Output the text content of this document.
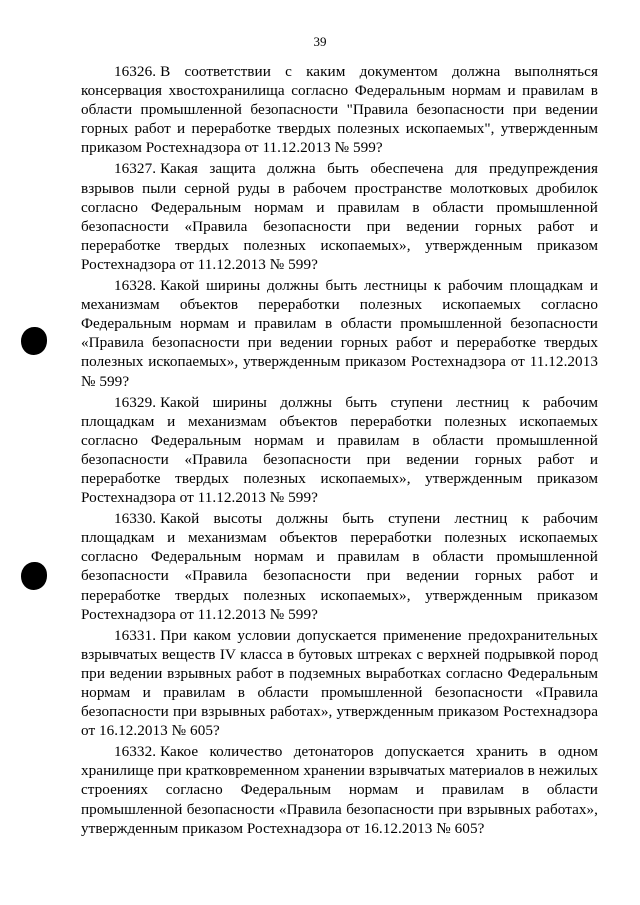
39

16326. В соответствии с каким документом должна выполняться консервация хвостохранилища согласно Федеральным нормам и правилам в области промышленной безопасности "Правила безопасности при ведении горных работ и переработке твердых полезных ископаемых", утвержденным приказом Ростехнадзора от 11.12.2013 № 599?

16327. Какая защита должна быть обеспечена для предупреждения взрывов пыли серной руды в рабочем пространстве молотковых дробилок согласно Федеральным нормам и правилам в области промышленной безопасности «Правила безопасности при ведении горных работ и переработке твердых полезных ископаемых», утвержденным приказом Ростехнадзора от 11.12.2013 № 599?

16328. Какой ширины должны быть лестницы к рабочим площадкам и механизмам объектов переработки полезных ископаемых согласно Федеральным нормам и правилам в области промышленной безопасности «Правила безопасности при ведении горных работ и переработке твердых полезных ископаемых», утвержденным приказом Ростехнадзора от 11.12.2013 № 599?

16329. Какой ширины должны быть ступени лестниц к рабочим площадкам и механизмам объектов переработки полезных ископаемых согласно Федеральным нормам и правилам в области промышленной безопасности «Правила безопасности при ведении горных работ и переработке твердых полезных ископаемых», утвержденным приказом Ростехнадзора от 11.12.2013 № 599?

16330. Какой высоты должны быть ступени лестниц к рабочим площадкам и механизмам объектов переработки полезных ископаемых согласно Федеральным нормам и правилам в области промышленной безопасности «Правила безопасности при ведении горных работ и переработке твердых полезных ископаемых», утвержденным приказом Ростехнадзора от 11.12.2013 № 599?

16331. При каком условии допускается применение предохранительных взрывчатых веществ IV класса в бутовых штреках с верхней подрывкой пород при ведении взрывных работ в подземных выработках согласно Федеральным нормам и правилам в области промышленной безопасности «Правила безопасности при взрывных работах», утвержденным приказом Ростехнадзора от 16.12.2013 № 605?

16332. Какое количество детонаторов допускается хранить в одном хранилище при кратковременном хранении взрывчатых материалов в нежилых строениях согласно Федеральным нормам и правилам в области промышленной безопасности «Правила безопасности при взрывных работах», утвержденным приказом Ростехнадзора от 16.12.2013 № 605?
